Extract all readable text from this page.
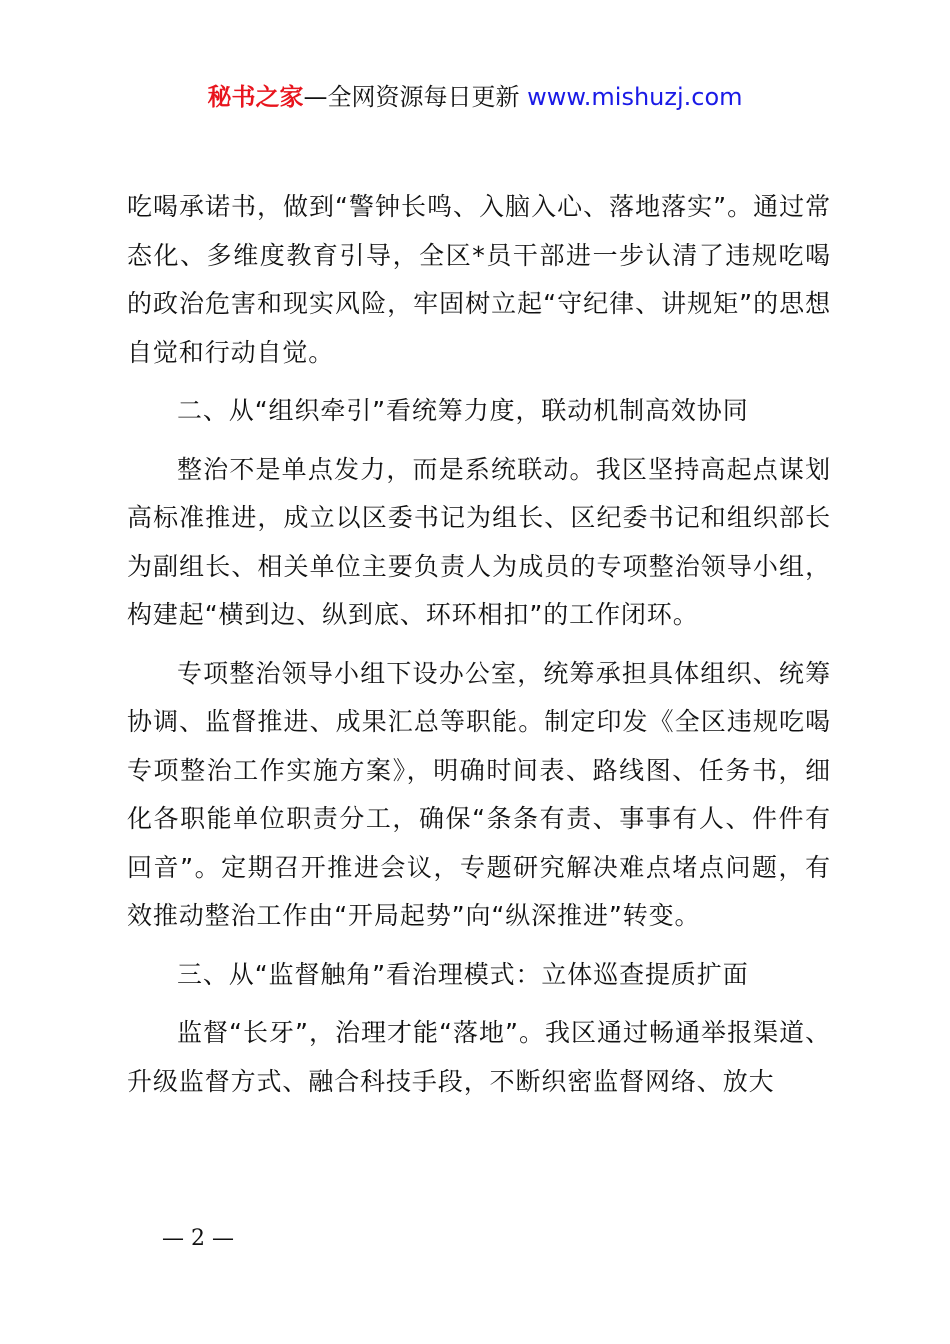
秘书之家—全网资源每日更新 www.mishuzj.com

吃喝承诺书，做到“警钟长鸣、入脑入心、落地落实”。通过常态化、多维度教育引导，全区*员干部进一步认清了违规吃喝的政治危害和现实风险，牢固树立起“守纪律、讲规矩”的思想自觉和行动自觉。

二、从“组织牵引”看统筹力度，联动机制高效协同

整治不是单点发力，而是系统联动。我区坚持高起点谋划高标准推进，成立以区委书记为组长、区纪委书记和组织部长为副组长、相关单位主要负责人为成员的专项整治领导小组，构建起“横到边、纵到底、环环相扣”的工作闭环。

专项整治领导小组下设办公室，统筹承担具体组织、统筹协调、监督推进、成果汇总等职能。制定印发《全区违规吃喝专项整治工作实施方案》，明确时间表、路线图、任务书，细化各职能单位职责分工，确保“条条有责、事事有人、件件有回音”。定期召开推进会议，专题研究解决难点堵点问题，有效推动整治工作由“开局起势”向“纵深推进”转变。

三、从“监督触角”看治理模式：立体巡查提质扩面

监督“长牙”，治理才能“落地”。我区通过畅通举报渠道、升级监督方式、融合科技手段，不断织密监督网络、放大

— 2 —
